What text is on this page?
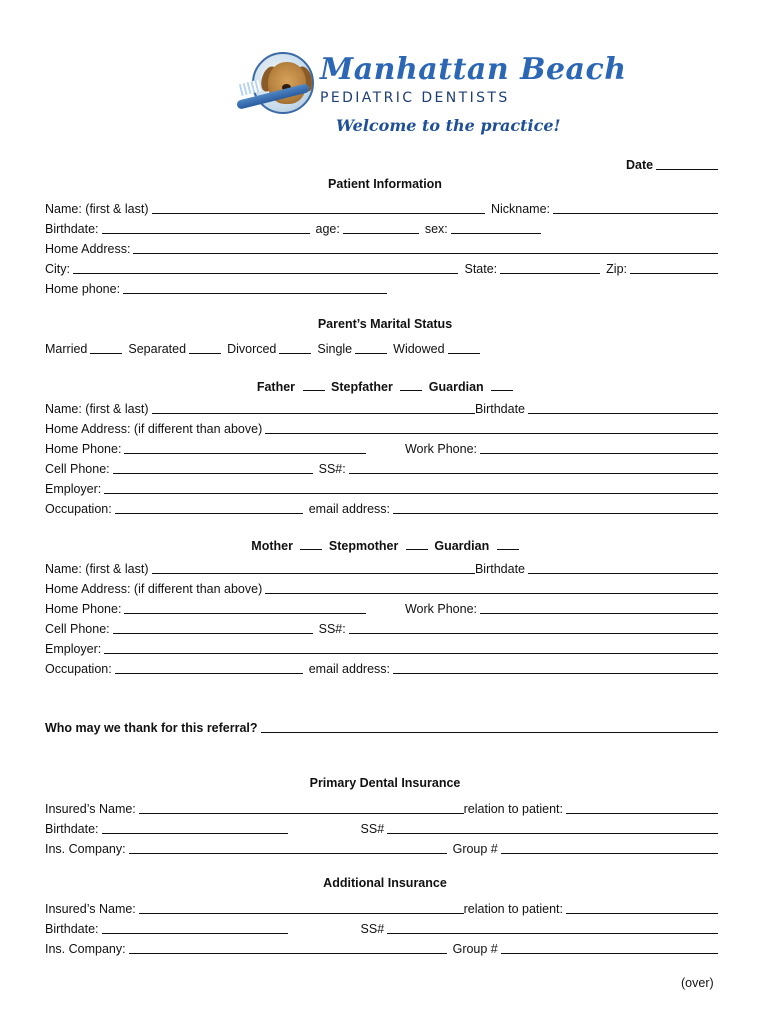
Manhattan Beach
PEDIATRIC DENTISTS
Welcome to the practice!
Date
Patient Information
Name: (first & last)	Nickname:
Birthdate:	age:	sex:
Home Address:
City:	State:	Zip:
Home phone:
Parent’s Marital Status
Married	Separated	Divorced	Single	Widowed
Father	Stepfather	Guardian
Name: (first & last)	Birthdate
Home Address: (if different than above)
Home Phone:	Work Phone:
Cell Phone:	SS#:
Employer:
Occupation:	email address:
Mother	Stepmother	Guardian
Name: (first & last)	Birthdate
Home Address: (if different than above)
Home Phone:	Work Phone:
Cell Phone:	SS#:
Employer:
Occupation:	email address:
Who may we thank for this referral?
Primary Dental Insurance
Insured’s Name:	relation to patient:
Birthdate:	SS#
Ins. Company:	Group #
Additional Insurance
Insured’s Name:	relation to patient:
Birthdate:	SS#
Ins. Company:	Group #
(over)
